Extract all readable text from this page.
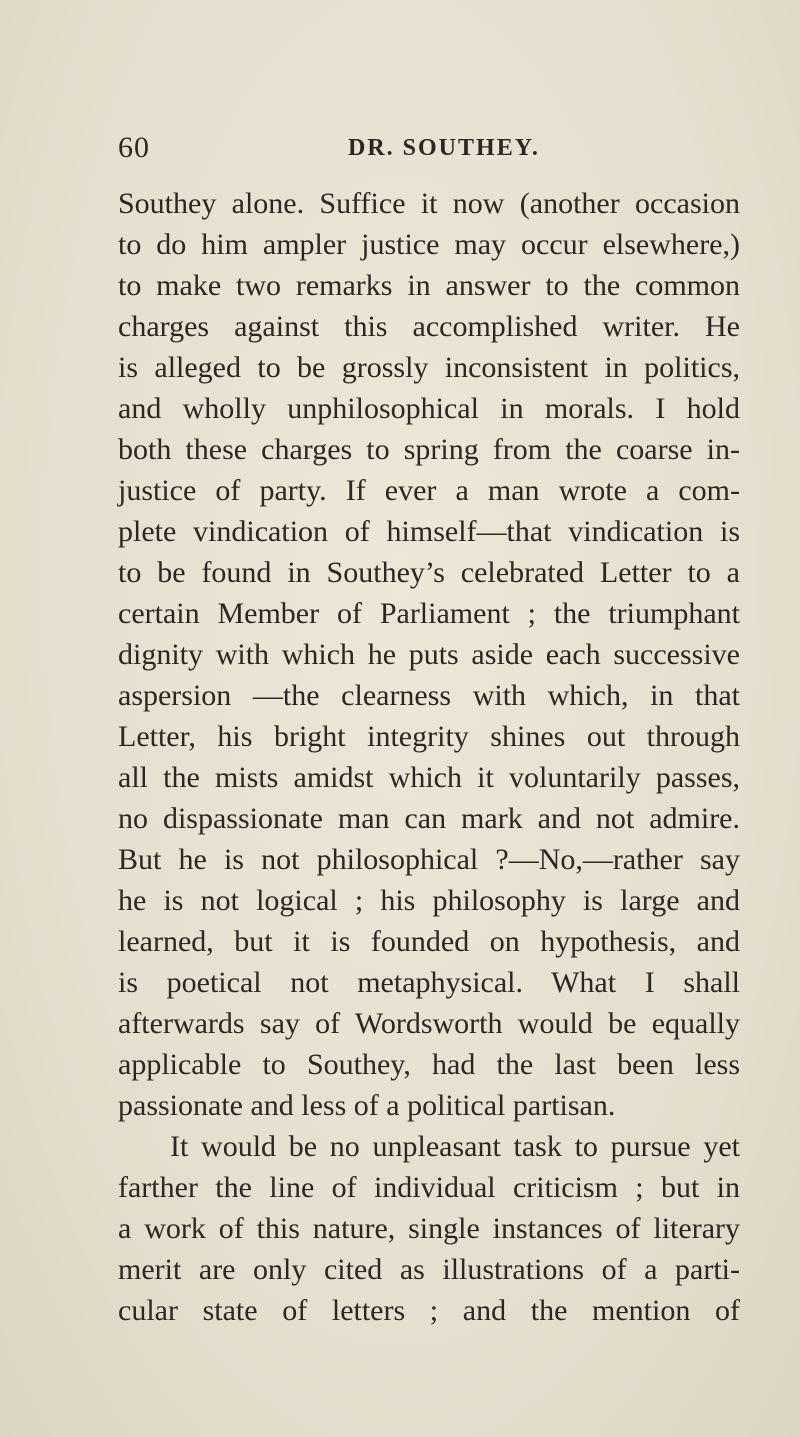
60	DR. SOUTHEY.
Southey alone. Suffice it now (another occasion
to do him ampler justice may occur elsewhere,)
to make two remarks in answer to the common
charges against this accomplished writer. He
is alleged to be grossly inconsistent in politics,
and wholly unphilosophical in morals. I hold
both these charges to spring from the coarse in-
justice of party. If ever a man wrote a com-
plete vindication of himself—that vindication is
to be found in Southey’s celebrated Letter to a
certain Member of Parliament ; the triumphant
dignity with which he puts aside each successive
aspersion —the clearness with which, in that
Letter, his bright integrity shines out through
all the mists amidst which it voluntarily passes,
no dispassionate man can mark and not admire.
But he is not philosophical ?—No,—rather say
he is not logical ; his philosophy is large and
learned, but it is founded on hypothesis, and
is poetical not metaphysical. What I shall
afterwards say of Wordsworth would be equally
applicable to Southey, had the last been less
passionate and less of a political partisan.
It would be no unpleasant task to pursue yet
farther the line of individual criticism ; but in
a work of this nature, single instances of literary
merit are only cited as illustrations of a parti-
cular state of letters ; and the mention of
